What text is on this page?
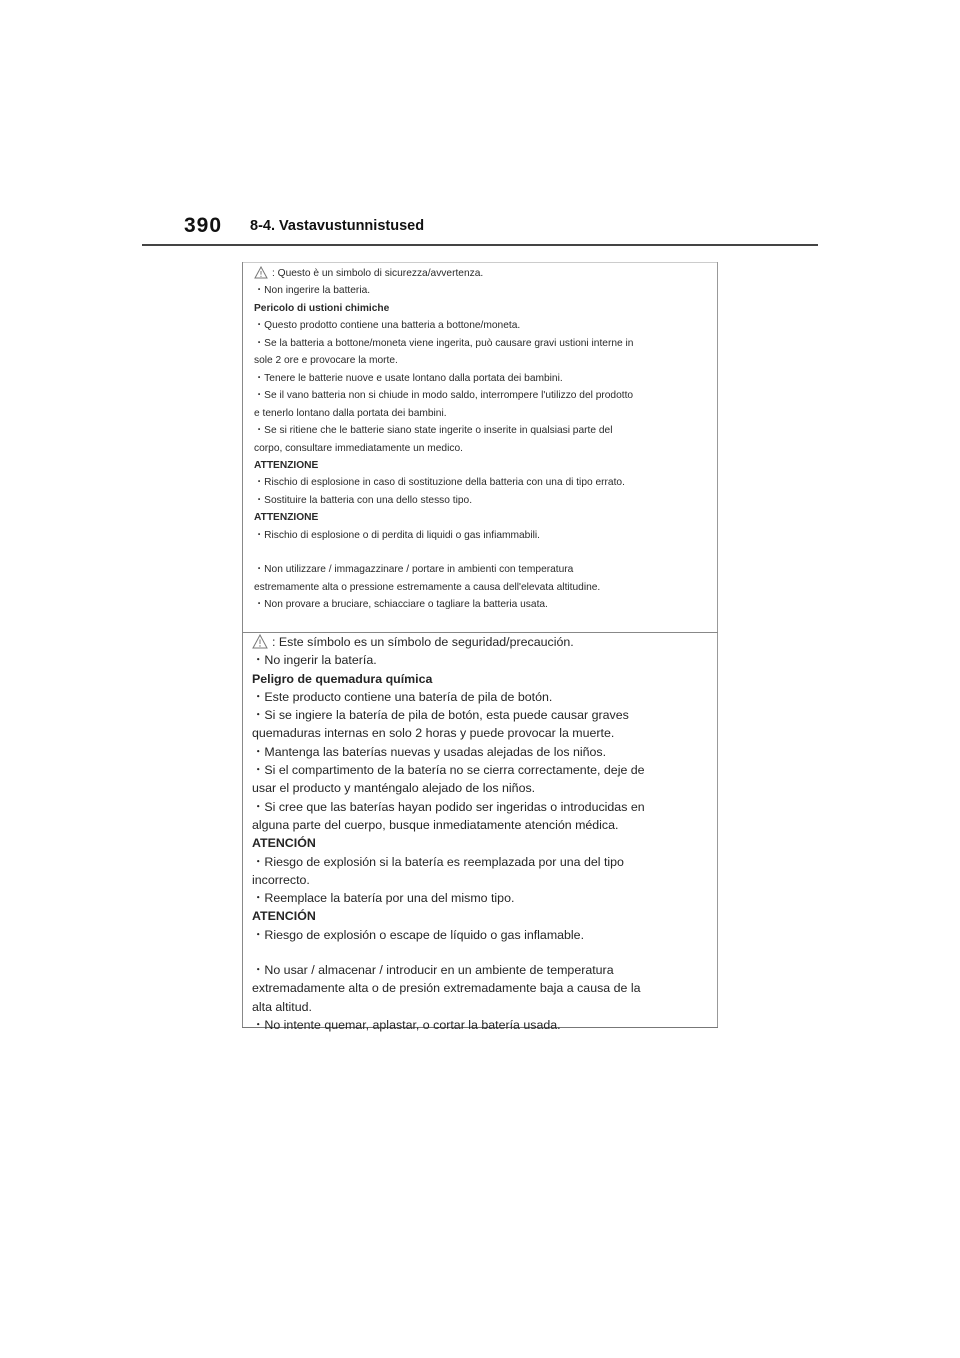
390 8-4. Vastavustunnistused
: Questo è un simbolo di sicurezza/avvertenza.
・Non ingerire la batteria.
Pericolo di ustioni chimiche
・Questo prodotto contiene una batteria a bottone/moneta.
・Se la batteria a bottone/moneta viene ingerita, può causare gravi ustioni interne in
sole 2 ore e provocare la morte.
・Tenere le batterie nuove e usate lontano dalla portata dei bambini.
・Se il vano batteria non si chiude in modo saldo, interrompere l'utilizzo del prodotto
e tenerlo lontano dalla portata dei bambini.
・Se si ritiene che le batterie siano state ingerite o inserite in qualsiasi parte del
corpo, consultare immediatamente un medico.
ATTENZIONE
・Rischio di esplosione in caso di sostituzione della batteria con una di tipo errato.
・Sostituire la batteria con una dello stesso tipo.
ATTENZIONE
・Rischio di esplosione o di perdita di liquidi o gas infiammabili.
・Non utilizzare / immagazzinare / portare in ambienti con temperatura
estremamente alta o pressione estremamente a causa dell'elevata altitudine.
・Non provare a bruciare, schiacciare o tagliare la batteria usata.
: Este símbolo es un símbolo de seguridad/precaución.
・No ingerir la batería.
Peligro de quemadura química
・Este producto contiene una batería de pila de botón.
・Si se ingiere la batería de pila de botón, esta puede causar graves
quemaduras internas en solo 2 horas y puede provocar la muerte.
・Mantenga las baterías nuevas y usadas alejadas de los niños.
・Si el compartimento de la batería no se cierra correctamente, deje de
usar el producto y manténgalo alejado de los niños.
・Si cree que las baterías hayan podido ser ingeridas o introducidas en
alguna parte del cuerpo, busque inmediatamente atención médica.
ATENCIÓN
・Riesgo de explosión si la batería es reemplazada por una del tipo
incorrecto.
・Reemplace la batería por una del mismo tipo.
ATENCIÓN
・Riesgo de explosión o escape de líquido o gas inflamable.
・No usar / almacenar / introducir en un ambiente de temperatura
extremadamente alta o de presión extremadamente baja a causa de la
alta altitud.
・No intente quemar, aplastar, o cortar la batería usada.
